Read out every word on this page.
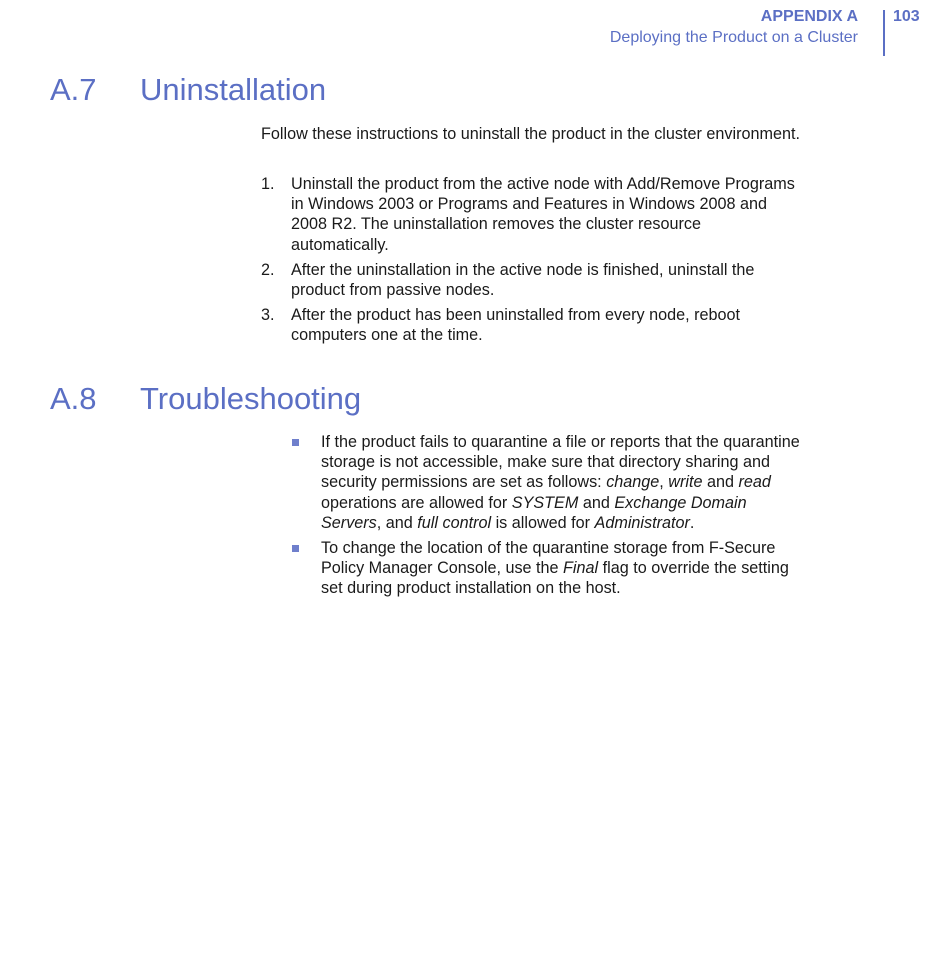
APPENDIX A
Deploying the Product on a Cluster
103
A.7 Uninstallation

Follow these instructions to uninstall the product in the cluster environment.

1. Uninstall the product from the active node with Add/Remove Programs in Windows 2003 or Programs and Features in Windows 2008 and 2008 R2. The uninstallation removes the cluster resource automatically.
2. After the uninstallation in the active node is finished, uninstall the product from passive nodes.
3. After the product has been uninstalled from every node, reboot computers one at the time.
A.8 Troubleshooting
If the product fails to quarantine a file or reports that the quarantine storage is not accessible, make sure that directory sharing and security permissions are set as follows: change, write and read operations are allowed for SYSTEM and Exchange Domain Servers, and full control is allowed for Administrator.
To change the location of the quarantine storage from F-Secure Policy Manager Console, use the Final flag to override the setting set during product installation on the host.
